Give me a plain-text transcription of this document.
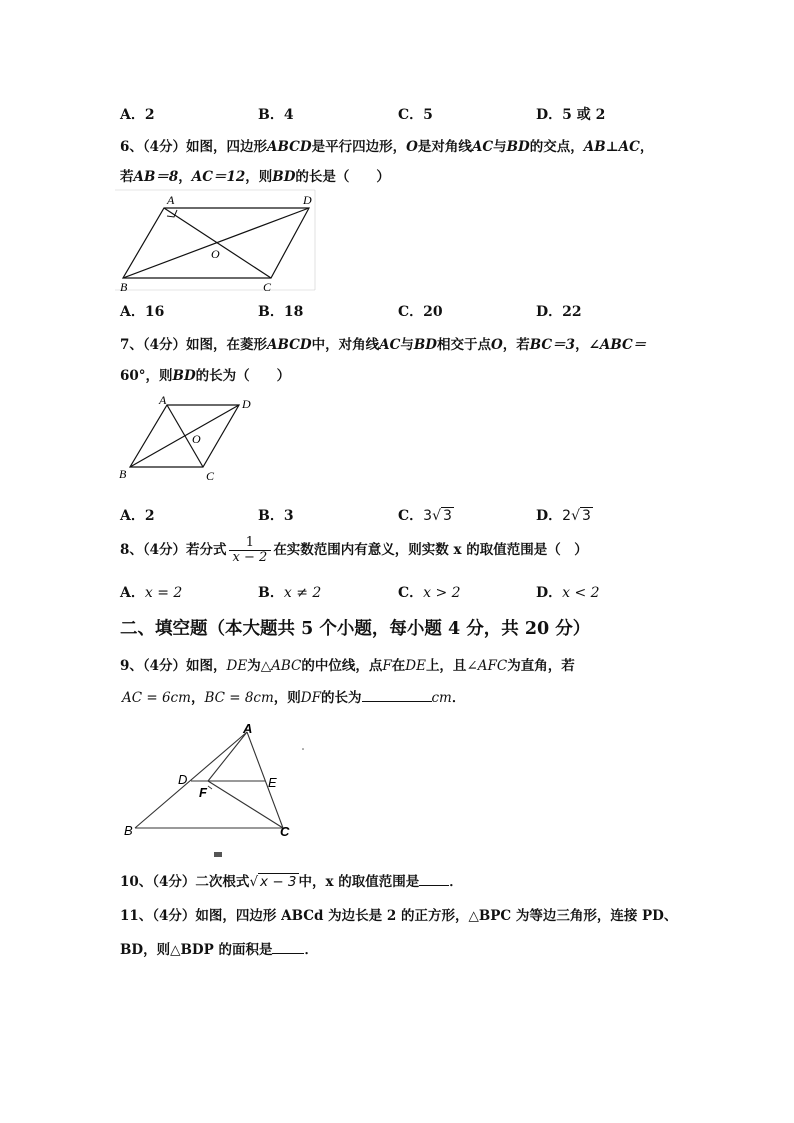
A．2	B．4	C．5	D．5 或 2
6、（4分）如图，四边形ABCD是平行四边形，O是对角线AC与BD的交点，AB⊥AC，
若AB＝8，AC＝12，则BD的长是（　　）
A	D
O
B	C
A．16	B．18	C．20	D．22
7、（4分）如图，在菱形ABCD中，对角线AC与BD相交于点O，若BC＝3，∠ABC＝
60°，则BD的长为（　　）
A	D
O
B	C
A．2	B．3	C．3√ 3	D．2√ 3
8、（4分）若分式 $\frac{1}{x - 2}$ 在实数范围内有意义，则实数 x 的取值范围是（　）
A．x = 2	B．x ≠ 2	C．x > 2	D．x < 2
二、填空题（本大题共 5 个小题，每小题 4 分，共 20 分）
9、（4分）如图，DE为△ABC的中位线，点F在DE上，且∠AFC为直角，若
AC = 6cm，BC = 8cm，则DF的长为	cm．
A
D	E
F
B	C
10、（4分）二次根式√ x − 3 中，x 的取值范围是 ．
11、（4分）如图，四边形 ABCd 为边长是 2 的正方形，△BPC 为等边三角形，连接 PD、
BD，则△BDP 的面积是 ．
